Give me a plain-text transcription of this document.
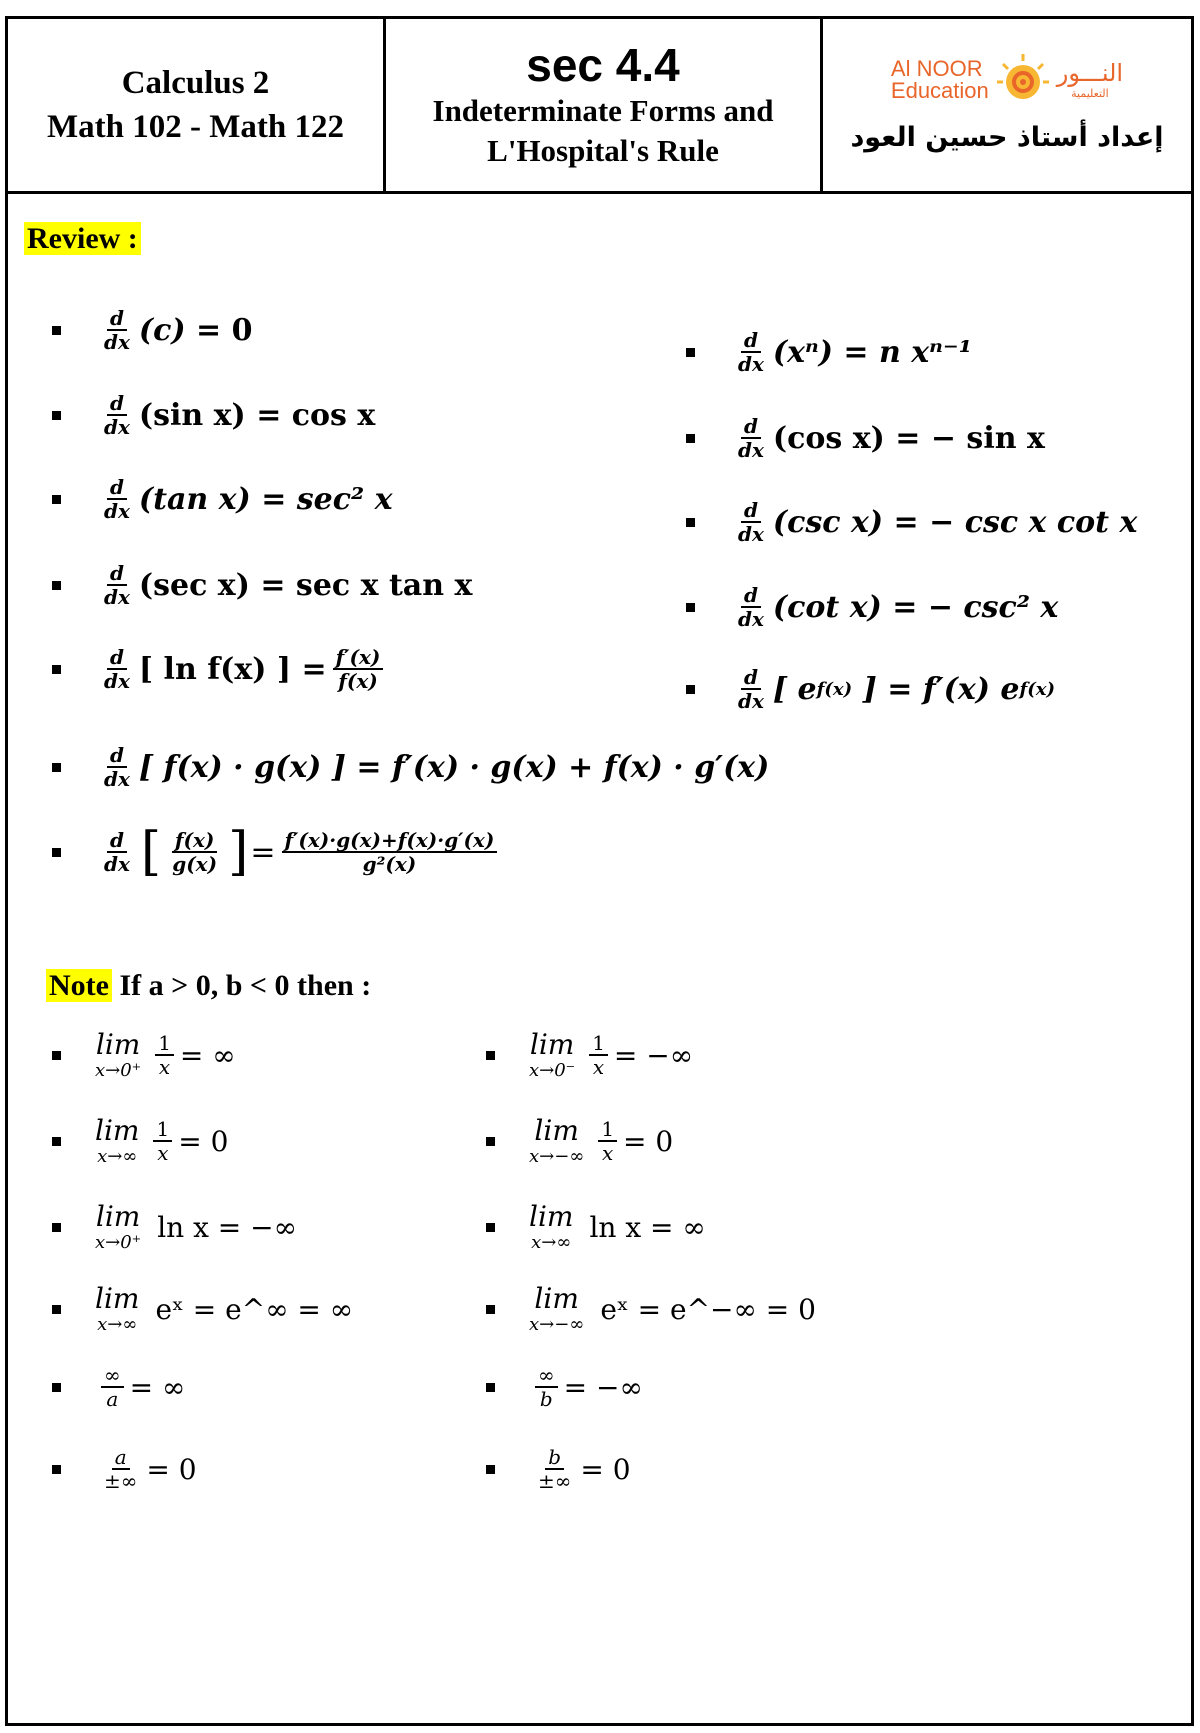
Calculus 2
Math 102 - Math 122
sec 4.4
Indeterminate Forms and
L'Hospital's Rule
Al NOOR
Education
النـــور
التعليمية
إعداد أستاذ حسين العود
Review :
$\frac{d}{dx} (c)$
= 0	$\frac{d}{dx} (x^n)$
= n xⁿ⁻¹
$\frac{d}{dx} (\sin$ x)
= cos x	$\frac{d}{dx} (\cos$ x)
= − sin x
$\frac{d}{dx} (\tan$ x)
= sec² x	$\frac{d}{dx} (\csc$ x)
= − csc x cot x
$\frac{d}{dx} (\sec$ x)
= sec x tan x	$\frac{d}{dx} (\cot$ x)
= − csc² x
$\frac{d}{dx}$ [ ln f(x) ] = $\frac{f'(x)}{f(x)}$	$\frac{d}{dx}$ [ e f(x)
] = f′(x) e f(x)
$\frac{d}{dx}$ [ f(x) · g(x) ] = f′(x) · g(x) + f(x) · g′(x)
$\frac{d}{dx}$ [ $\frac{f(x)}{g(x)}$ ] = $\frac{f'(x)\cdot g(x)+f(x)\cdot g'(x)}{\text{g²(x)}}$
Note If a > 0, b < 0 then :
lim
$x\to 0^+ \frac{1}{x}$ = ∞	lim
$x\to 0^- \frac{1}{x}$ = −∞
lim
$x\to\infty \frac{1}{x} = 0$	lim
$x\to-\infty \frac{1}{x} = 0$
lim
x→0⁺ ln x = −∞	lim
x→∞ ln x = ∞
lim
x→∞ eˣ = e^∞ = ∞	lim
x→−∞ eˣ = e^−∞ = 0
$\frac{\infty}{a}$ = ∞	$\frac{\infty}{b}$ = −∞
$\frac{a}{\pm\infty} = 0$	$\frac{b}{\pm\infty} = 0$
